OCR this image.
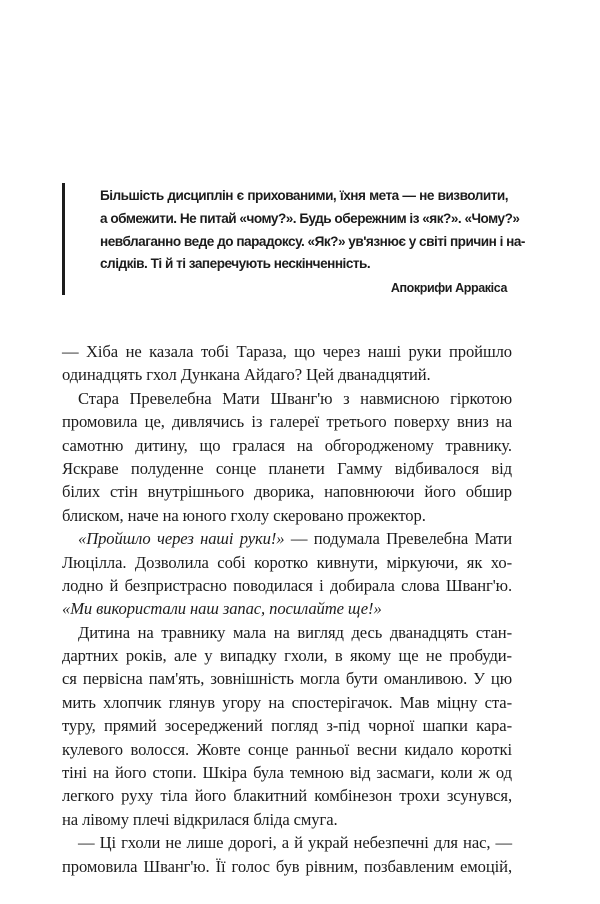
Більшість дисциплін є прихованими, їхня мета — не визволити,
а обмежити. Не питай «чому?». Будь обережним із «як?». «Чому?»
невблаганно веде до парадоксу. «Як?» ув'язнює у світі причин і на-
слідків. Ті й ті заперечують нескінченність.

Апокрифи Арракіса

— Хіба не казала тобі Тараза, що через наші руки пройшло
одинадцять гхол Дункана Айдаго? Цей дванадцятий.
Стара Превелебна Мати Шванг'ю з навмисною гіркотою
промовила це, дивлячись із галереї третього поверху вниз на
самотню дитину, що гралася на обгородженому травнику.
Яскраве полуденне сонце планети Гамму відбивалося від
білих стін внутрішнього дворика, наповнюючи його обшир
блиском, наче на юного гхолу скеровано прожектор.
«Пройшло через наші руки!» — подумала Превелебна Мати
Люцілла. Дозволила собі коротко кивнути, міркуючи, як хо-
лодно й безпристрасно поводилася і добирала слова Шванг'ю.
«Ми використали наш запас, посилайте ще!»
Дитина на травнику мала на вигляд десь дванадцять стан-
дартних років, але у випадку гхоли, в якому ще не пробуди-
ся первісна пам'ять, зовнішність могла бути оманливою. У цю
мить хлопчик глянув угору на спостерігачок. Мав міцну ста-
туру, прямий зосереджений погляд з-під чорної шапки кара-
кулевого волосся. Жовте сонце ранньої весни кидало короткі
тіні на його стопи. Шкіра була темною від засмаги, коли ж од
легкого руху тіла його блакитний комбінезон трохи зсунувся,
на лівому плечі відкрилася бліда смуга.
— Ці гхоли не лише дорогі, а й украй небезпечні для нас, —
промовила Шванг'ю. Її голос був рівним, позбавленим емоцій,
